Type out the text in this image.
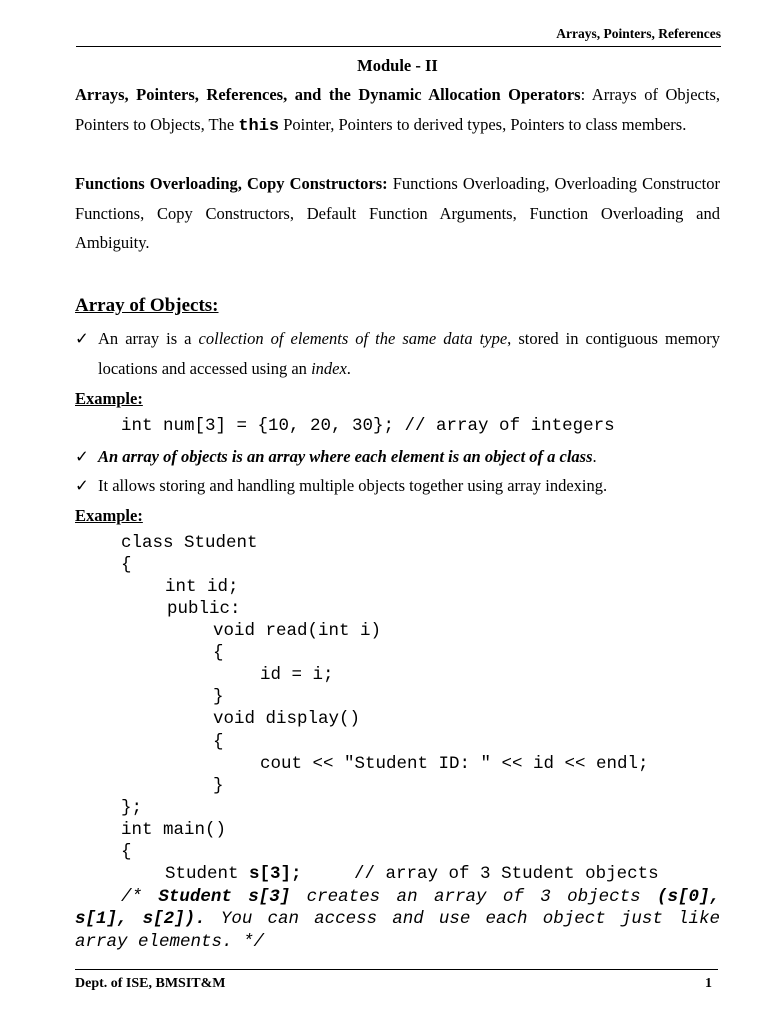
Arrays, Pointers, References
Module - II
Arrays, Pointers, References, and the Dynamic Allocation Operators: Arrays of Objects, Pointers to Objects, The this Pointer, Pointers to derived types, Pointers to class members.
Functions Overloading, Copy Constructors: Functions Overloading, Overloading Constructor Functions, Copy Constructors, Default Function Arguments, Function Overloading and Ambiguity.
Array of Objects:
✓ An array is a collection of elements of the same data type, stored in contiguous memory locations and accessed using an index.
Example:
int num[3] = {10, 20, 30}; // array of integers
✓ An array of objects is an array where each element is an object of a class.
✓ It allows storing and handling multiple objects together using array indexing.
Example:
class Student
{
int id;
public:
void read(int i)
{
id = i;
}
void display()
{
cout << "Student ID: " << id << endl;
}
};
int main()
{
Student s[3];     // array of 3 Student objects
/* Student s[3] creates an array of 3 objects (s[0], s[1], s[2]). You can access and use each object just like array elements. */
Dept. of ISE, BMSIT&M	1
